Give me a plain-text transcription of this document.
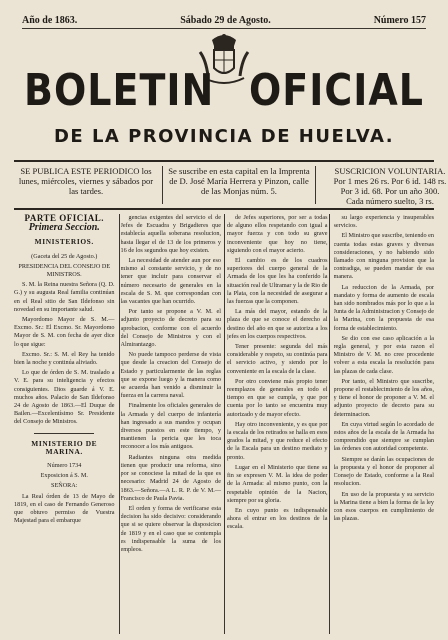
Año de 1863.	Sábado 29 de Agosto.	Número 157
BOLETIN OFICIAL
DE LA PROVINCIA DE HUELVA.
SE PUBLICA ESTE PERIODICO los lunes, miércoles, viernes y sábados por las tardes.
Se suscribe en esta capital en la Imprenta de D. José María Herrera y Pinzon, calle de las Monjas núm. 5.
SUSCRICION VOLUNTARIA.
Por 1 mes 26 rs. Por 6 id. 148 rs.
Por 3 id. 68. Por un año 300.
Cada número suelto, 3 rs.
PARTE OFICIAL.
Primera Seccion.
MINISTERIOS.

(Gaceta del 25 de Agosto.)

PRESIDENCIA DEL CONSEJO DE MINISTROS.

S. M. la Reina nuestra Señora (Q. D. G.) y su augusta Real familia continúan en el Real sitio de San Ildefonso sin novedad en su importante salud.

Mayordomo Mayor de S. M.— Excmo. Sr.: El Excmo. Sr. Mayordomo Mayor de S. M. con fecha de ayer dice lo que sigue:

Excmo. Sr.: S. M. el Rey ha tenido bien la noche y continúa aliviado.

Lo que de órden de S. M. traslado a V. E. para su inteligencia y efectos consiguientes. Dios guarde á V. E. muchos años. Palacio de San Ildefonso 24 de Agosto de 1863.—El Duque de Bailen.—Excelentísimo Sr. Presidente del Consejo de Ministros.

MINISTERIO DE MARINA.

Número 1734

Exposicion á S. M.

SEÑORA:

La Real órden de 13 de Mayo de 1819, en el caso de Fernando Generoso que obtuvo permiso de Vuestra Majestad para el embarque

gencias exigentes del servicio el de Jefes de Escuadra y Brigadieres que establecía aquella soberana resolucion, hasta llegar el de 13 de los primeros y 16 de los segundos que hoy existen.

La necesidad de atender aun por eso mismo al constante servicio, y de no tener que incluir para conservar el número necesario de generales en la escala de S. M. que correspondan con las vacantes que han ocurrido.

Por tanto se propone a V. M. el adjunto proyecto de decreto para su aprobacion, conforme con el acuerdo del Consejo de Ministros y con el Almirantazgo.

No puede tampoco perderse de vista que desde la creacion del Consejo de Estado y particularmente de las reglas que se expone luego y la manera como se acuerda han venido a disminuir la fuerza en la carrera naval.

Finalmente los oficiales generales de la Armada y del cuerpo de infantería han ingresado a sus mandos y ocupan diversos puestos en este tiempo, y mantienen la pericia que les toca reconocer a los más antiguos.

Radiantes ninguna otra medida tienen que producir una reforma, sino por se conociese la mitad de la que es necesario: Madrid 24 de Agosto de 1863.—Señora.—A L. R. P. de V. M.—Francisco de Paula Pavia.

El orden y forma de verificarse esta decision ha sido decisivo: considerando que si se quiere observar la disposicion de 1819 y en el caso que se contempla es indispensable la suma de los empleos.

de Jefes superiores, por ser a todas de alguno ellos respetando con igual a mayor fuerza y con todo su grave inconveniente que hoy no tiene, siguiendo con el mayor acierto.

El cambio es de los cuadros superiores del cuerpo general de la Armada de los que les ha conferido la situación real de Ultramar y la de Rio de la Plata, con la necesidad de asegurar a las fuerzas que la componen.

La más del mayor, estando de la plaza de que se conoce el derecho al destino del año en que se autoriza a los jefes en los cuerpos respectivos.

Tener presente: segunda del más considerable y respeto, su continúa para el servicio activo, y siendo por lo conveniente en la escala de la clase.

Por otro conviene más propio tener reemplazos de generales en todo el tiempo en que se cumpla, y que por cuenta por lo tanto se encuentra muy autorizado y de mayor efecto.

Hay otro inconveniente, y es que por la escala de los retirados se halla en esos grados la mitad, y que reduce el efecto de la Escala para un destino mediato y pronto.

Lugar en el Ministerio que tiene su fin se expresen V. M. la idea de poder de la Armada: al mismo punto, con la respetable opinión de la Nacion, siempre por su gloria.

En cuyo punto es indispensable ahora el entrar en los destinos de la escala.

su largo experiencia y insuperables servicios.

El Ministro que suscribe, teniendo en cuenta todas estas graves y diversas consideraciones, y no habiendo sido llamado con ninguna provision que la contradiga, se pueden mandar de esa manera.

La reduccion de la Armada, por mandato y forma de aumento de escala han sido nombrados más por lo que a la Junta de la Administracion y Consejo de la Marina, con la propuesta de esa forma de establecimiento.

Se dio con ese caso aplicación a la regla general, y por esta razon el Ministro de V. M. no cree procedente volver a esta escala la resolución para las plazas de cada clase.

Por tanto, el Ministro que suscribe, propone el restablecimiento de los años, y tiene el honor de proponer a V. M. el adjunto proyecto de decreto para su determinacion.

En cuya virtud según lo acordado de estos años de la escala de la Armada ha comprendido que siempre se cumplan las órdenes con autoridad competente.

Siempre se darán las ocupaciones de la propuesta y el honor de proponer al Consejo de Estado, conforme a la Real resolucion.

En uso de la propuesta y su servicio la Marina tiene a bien la forma de la ley con esos cuerpos en cumplimiento de las plazas.
